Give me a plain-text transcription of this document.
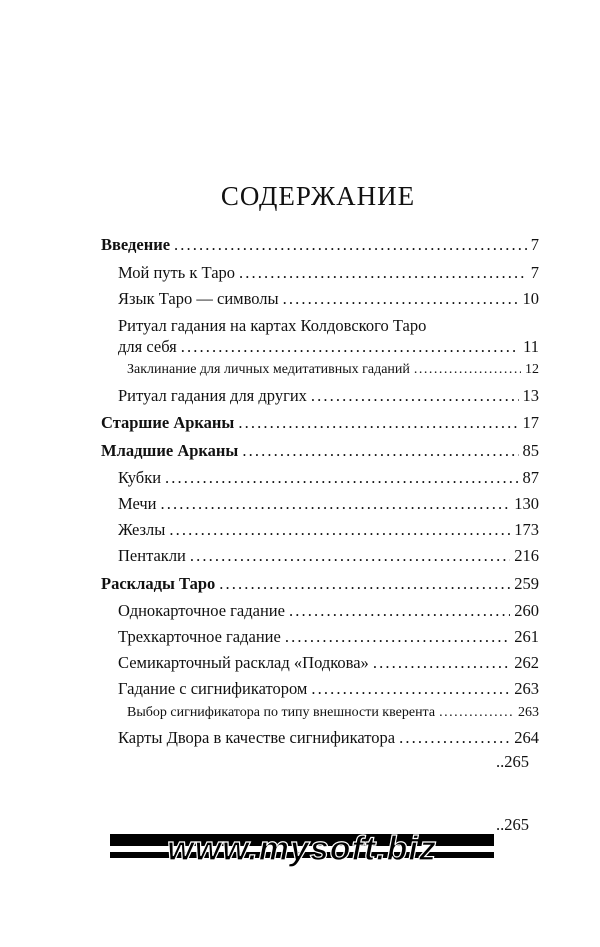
СОДЕРЖАНИЕ
Введение . . .	7
Мой путь к Таро . . .	7
Язык Таро — символы . . .	10
Ритуал гадания на картах Колдовского Таро
для себя . . .	11
Заклинание для личных медитативных гаданий . . .	12
Ритуал гадания для других . . .	13
Старшие Арканы . . .	17
Младшие Арканы . . .	85
Кубки . . .	87
Мечи . . .	130
Жезлы . . .	173
Пентакли . . .	216
Расклады Таро . . .	259
Однокарточное гадание . . .	260
Трехкарточное гадание . . .	261
Семикарточный расклад «Подкова» . . .	262
Гадание с сигнификатором . . .	263
Выбор сигнификатора по типу внешности кверента . . .	263
Карты Двора в качестве сигнификатора . . .	264
..265
..265
www.mysoft.biz
